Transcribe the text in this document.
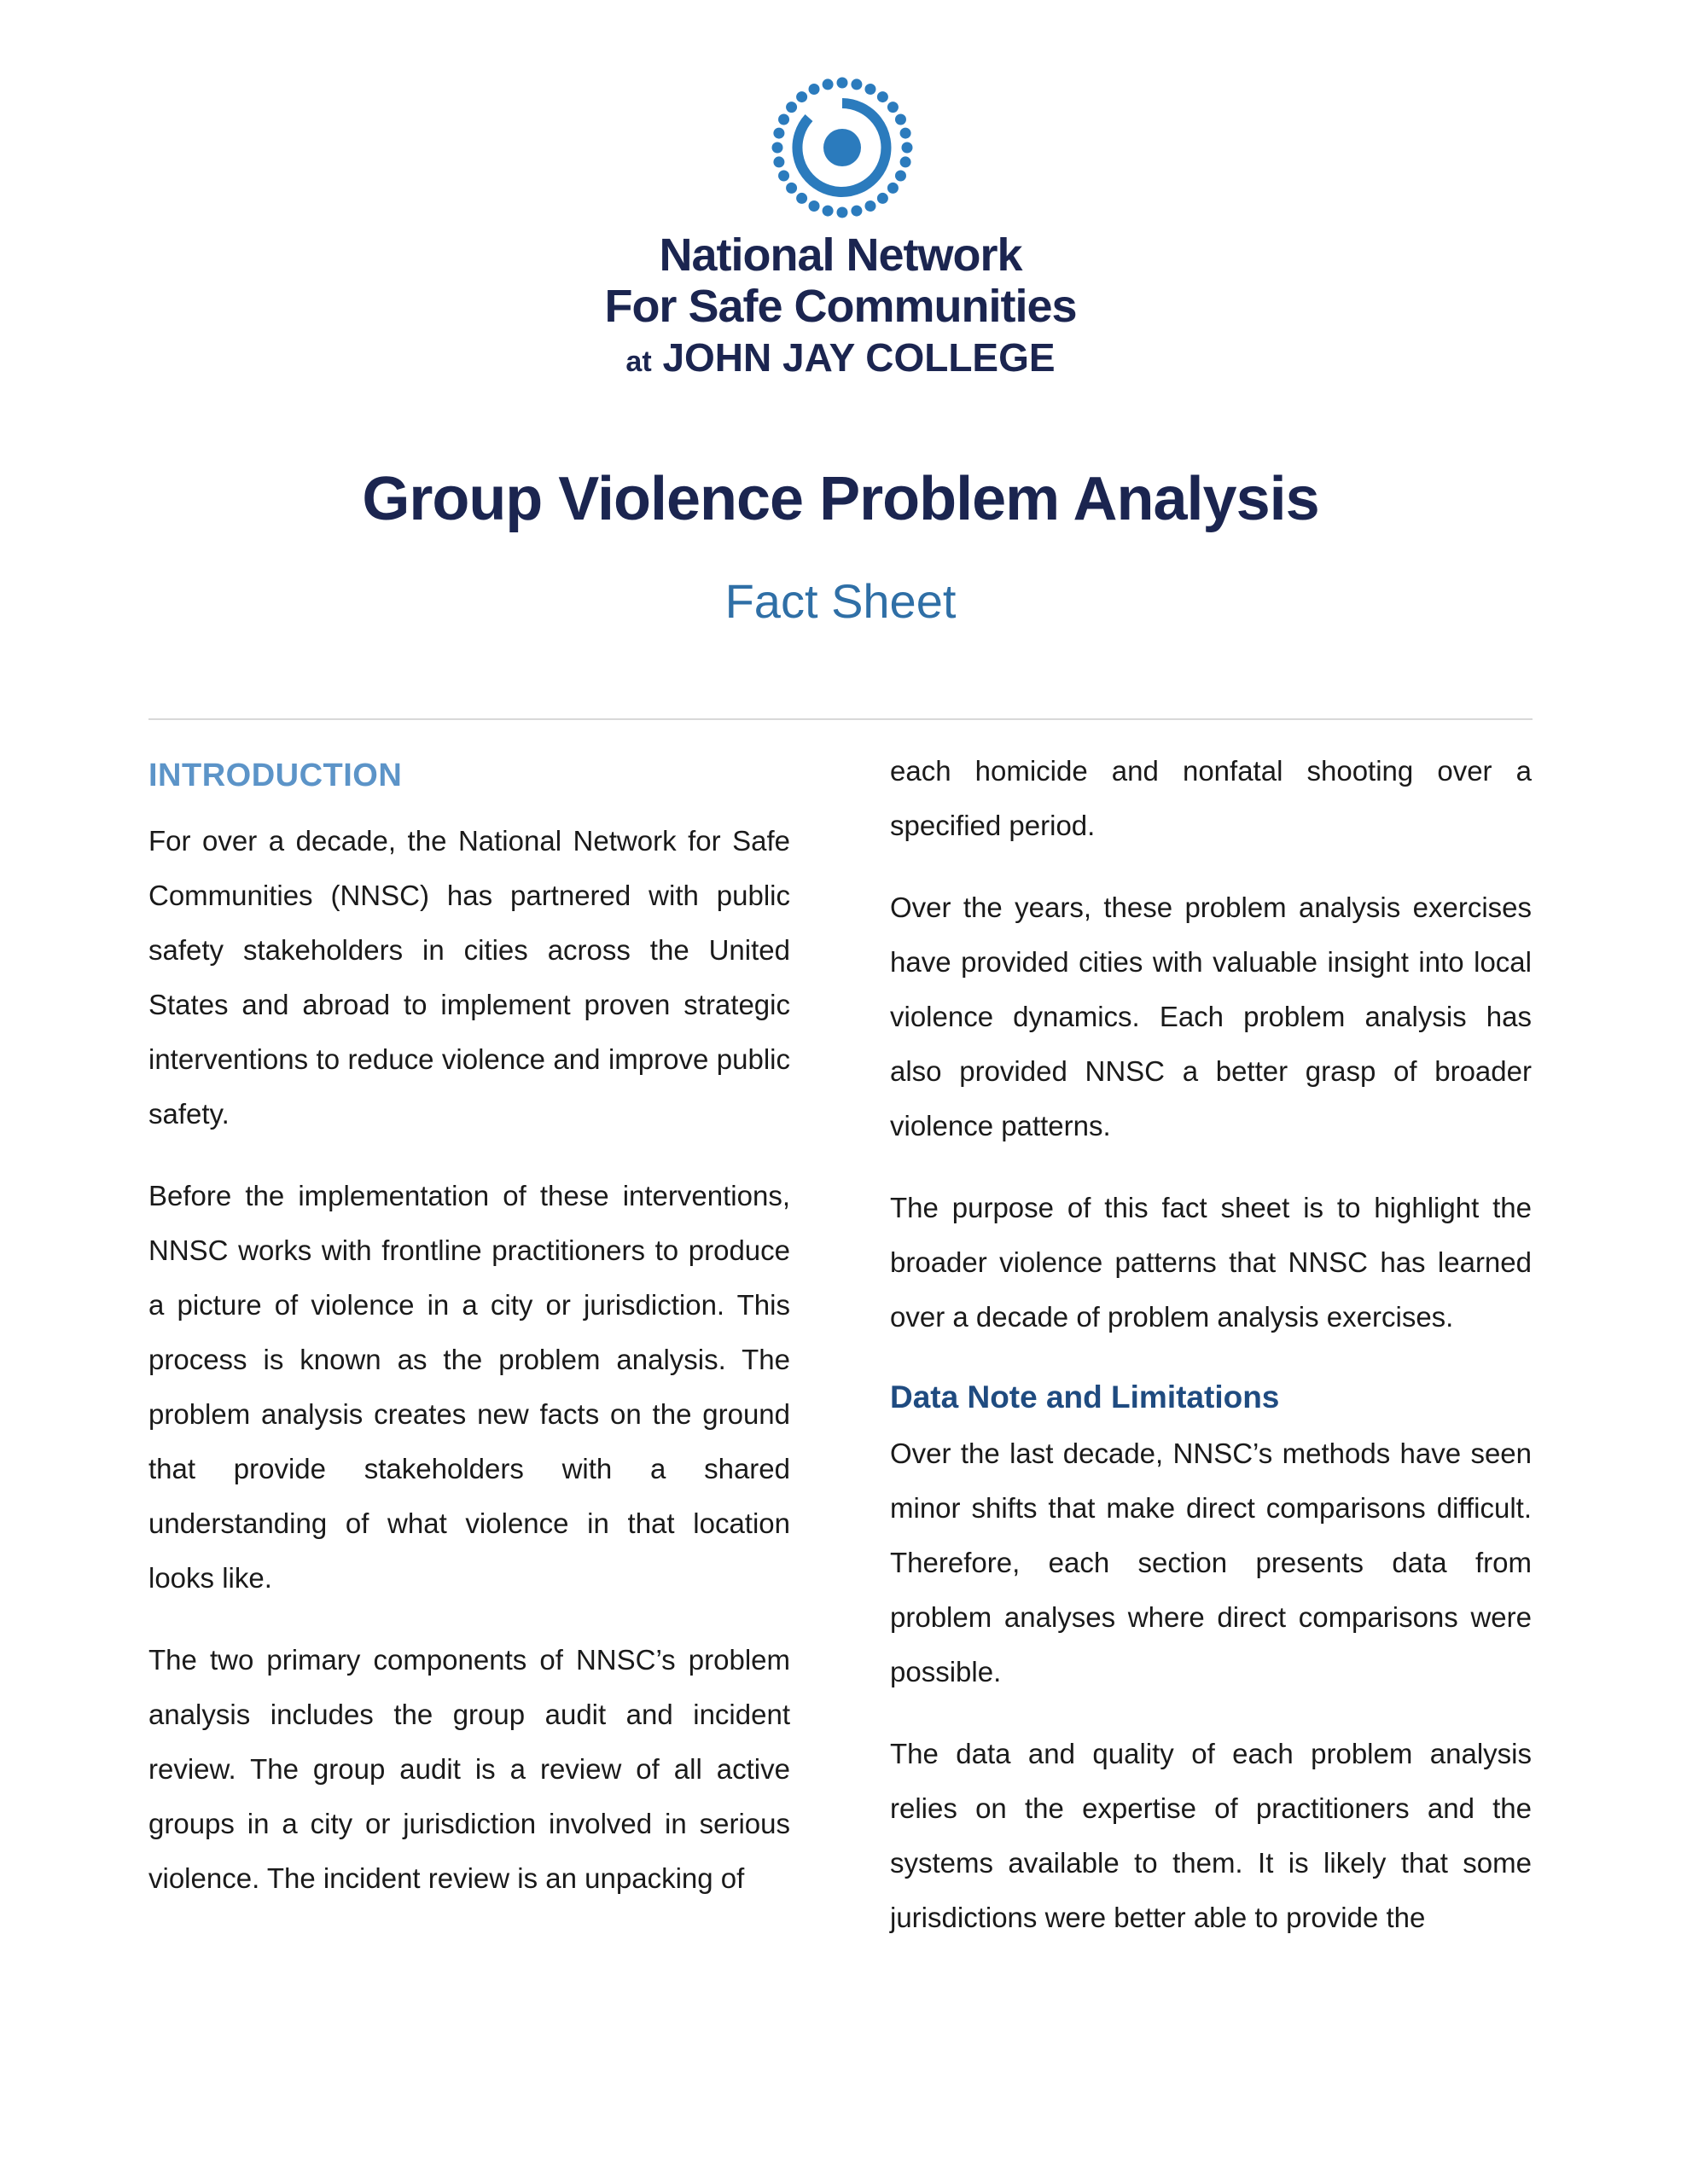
National Network

For Safe Communities

at JOHN JAY COLLEGE

Group Violence Problem Analysis

Fact Sheet

INTRODUCTION

For over a decade, the National Network for Safe Communities (NNSC) has partnered with public safety stakeholders in cities across the United States and abroad to implement proven strategic interventions to reduce violence and improve public safety.

Before the implementation of these interventions, NNSC works with frontline practitioners to produce a picture of violence in a city or jurisdiction. This process is known as the problem analysis. The problem analysis creates new facts on the ground that provide stakeholders with a shared understanding of what violence in that location looks like.

The two primary components of NNSC’s problem analysis includes the group audit and incident review. The group audit is a review of all active groups in a city or jurisdiction involved in serious violence. The incident review is an unpacking of

each homicide and nonfatal shooting over a specified period.

Over the years, these problem analysis exercises have provided cities with valuable insight into local violence dynamics. Each problem analysis has also provided NNSC a better grasp of broader violence patterns.

The purpose of this fact sheet is to highlight the broader violence patterns that NNSC has learned over a decade of problem analysis exercises.

Data Note and Limitations

Over the last decade, NNSC’s methods have seen minor shifts that make direct comparisons difficult. Therefore, each section presents data from problem analyses where direct comparisons were possible.

The data and quality of each problem analysis relies on the expertise of practitioners and the systems available to them. It is likely that some jurisdictions were better able to provide the
